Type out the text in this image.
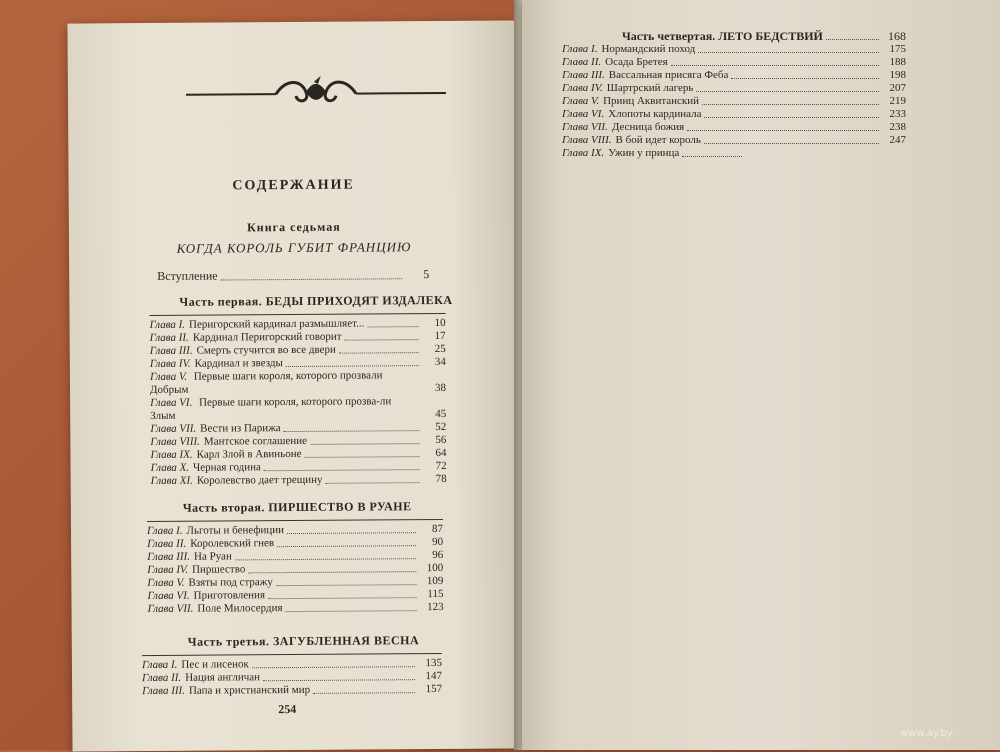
СОДЕРЖАНИЕ
Книга седьмая
КОГДА КОРОЛЬ ГУБИТ ФРАНЦИЮ
Вступление	5
Часть первая. БЕДЫ ПРИХОДЯТ ИЗДАЛЕКА
Глава I. Перигорский кардинал размышляет...	10
Глава II. Кардинал Перигорский говорит	17
Глава III. Смерть стучится во все двери	25
Глава IV. Кардинал и звезды	34
Глава V. Первые шаги короля, которого прозвали Добрым	38
Глава VI. Первые шаги короля, которого прозва-ли Злым	45
Глава VII. Вести из Парижа	52
Глава VIII. Мантское соглашение	56
Глава IX. Карл Злой в Авиньоне	64
Глава X. Черная година	72
Глава XI. Королевство дает трещину	78
Часть вторая. ПИРШЕСТВО В РУАНЕ
Глава I. Льготы и бенефиции	87
Глава II. Королевский гнев	90
Глава III. На Руан	96
Глава IV. Пиршество	100
Глава V. Взяты под стражу	109
Глава VI. Приготовления	115
Глава VII. Поле Милосердия	123
Часть третья. ЗАГУБЛЕННАЯ ВЕСНА
Глава I. Пес и лисенок	135
Глава II. Нация англичан	147
Глава III. Папа и христианский мир	157
254
Часть четвертая. ЛЕТО БЕДСТВИЙ	168
Глава I. Нормандский поход	175
Глава II. Осада Бретея	188
Глава III. Вассальная присяга Феба	198
Глава IV. Шартрский лагерь	207
Глава V. Принц Аквитанский	219
Глава VI. Хлопоты кардинала	233
Глава VII. Десница божия	238
Глава VIII. В бой идет король	247
Глава IX. Ужин у принца
www.ay.by
